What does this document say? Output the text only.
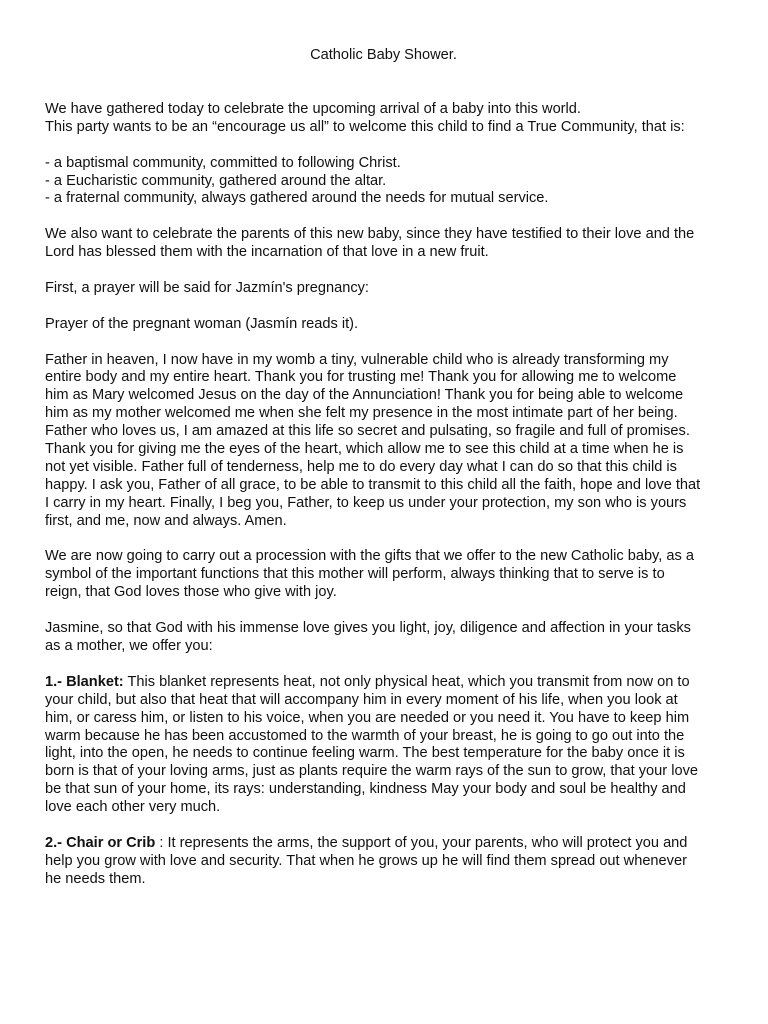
Catholic Baby Shower.
We have gathered today to celebrate the upcoming arrival of a baby into this world.
This party wants to be an “encourage us all” to welcome this child to find a True Community, that is:
- a baptismal community, committed to following Christ.
- a Eucharistic community, gathered around the altar.
- a fraternal community, always gathered around the needs for mutual service.
We also want to celebrate the parents of this new baby, since they have testified to their love and the
Lord has blessed them with the incarnation of that love in a new fruit.
First, a prayer will be said for Jazmín's pregnancy:
Prayer of the pregnant woman (Jasmín reads it).
Father in heaven, I now have in my womb a tiny, vulnerable child who is already transforming my
entire body and my entire heart. Thank you for trusting me! Thank you for allowing me to welcome
him as Mary welcomed Jesus on the day of the Annunciation! Thank you for being able to welcome
him as my mother welcomed me when she felt my presence in the most intimate part of her being.
Father who loves us, I am amazed at this life so secret and pulsating, so fragile and full of promises.
Thank you for giving me the eyes of the heart, which allow me to see this child at a time when he is
not yet visible. Father full of tenderness, help me to do every day what I can do so that this child is
happy. I ask you, Father of all grace, to be able to transmit to this child all the faith, hope and love that
I carry in my heart. Finally, I beg you, Father, to keep us under your protection, my son who is yours
first, and me, now and always. Amen.
We are now going to carry out a procession with the gifts that we offer to the new Catholic baby, as a
symbol of the important functions that this mother will perform, always thinking that to serve is to
reign, that God loves those who give with joy.
Jasmine, so that God with his immense love gives you light, joy, diligence and affection in your tasks
as a mother, we offer you:
1.- Blanket: This blanket represents heat, not only physical heat, which you transmit from now on to
your child, but also that heat that will accompany him in every moment of his life, when you look at
him, or caress him, or listen to his voice, when you are needed or you need it. You have to keep him
warm because he has been accustomed to the warmth of your breast, he is going to go out into the
light, into the open, he needs to continue feeling warm. The best temperature for the baby once it is
born is that of your loving arms, just as plants require the warm rays of the sun to grow, that your love
be that sun of your home, its rays: understanding, kindness May your body and soul be healthy and
love each other very much.
2.- Chair or Crib : It represents the arms, the support of you, your parents, who will protect you and
help you grow with love and security. That when he grows up he will find them spread out whenever
he needs them.
